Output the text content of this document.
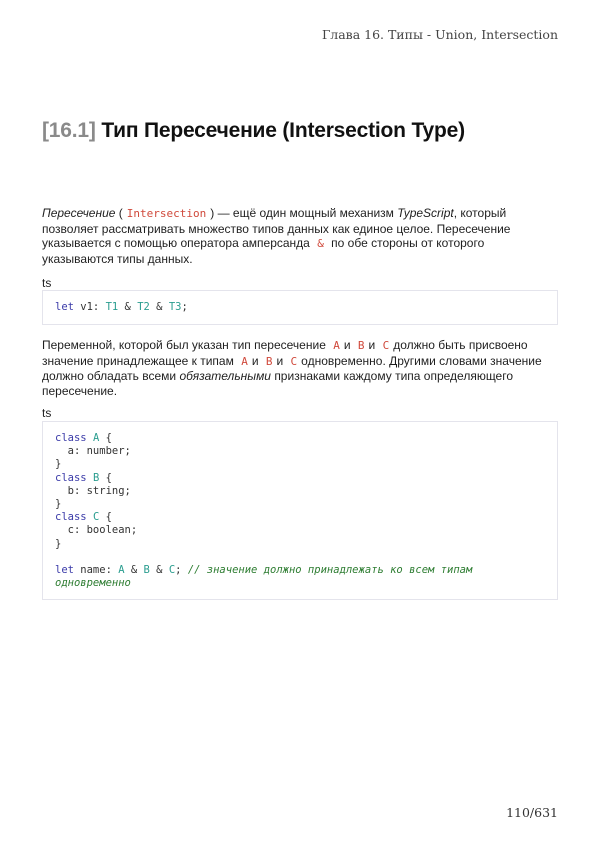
Глава 16. Типы - Union, Intersection
[16.1] Тип Пересечение (Intersection Type)

Пересечение ( Intersection ) — ещё один мощный механизм TypeScript, который позволяет рассматривать множество типов данных как единое целое. Пересечение указывается с помощью оператора амперсанда & по обе стороны от которого указываются типы данных.

ts
let v1: T1 & T2 & T3;

Переменной, которой был указан тип пересечение A и B и C должно быть присвоено значение принадлежащее к типам A и B и C одновременно. Другими словами значение должно обладать всеми обязательными признаками каждому типа определяющего пересечение.

ts
class A {
a: number;
}
class B {
b: string;
}
class C {
c: boolean;
}

let name: A & B & C; // значение должно принадлежать ко всем типам
одновременно
110/631
